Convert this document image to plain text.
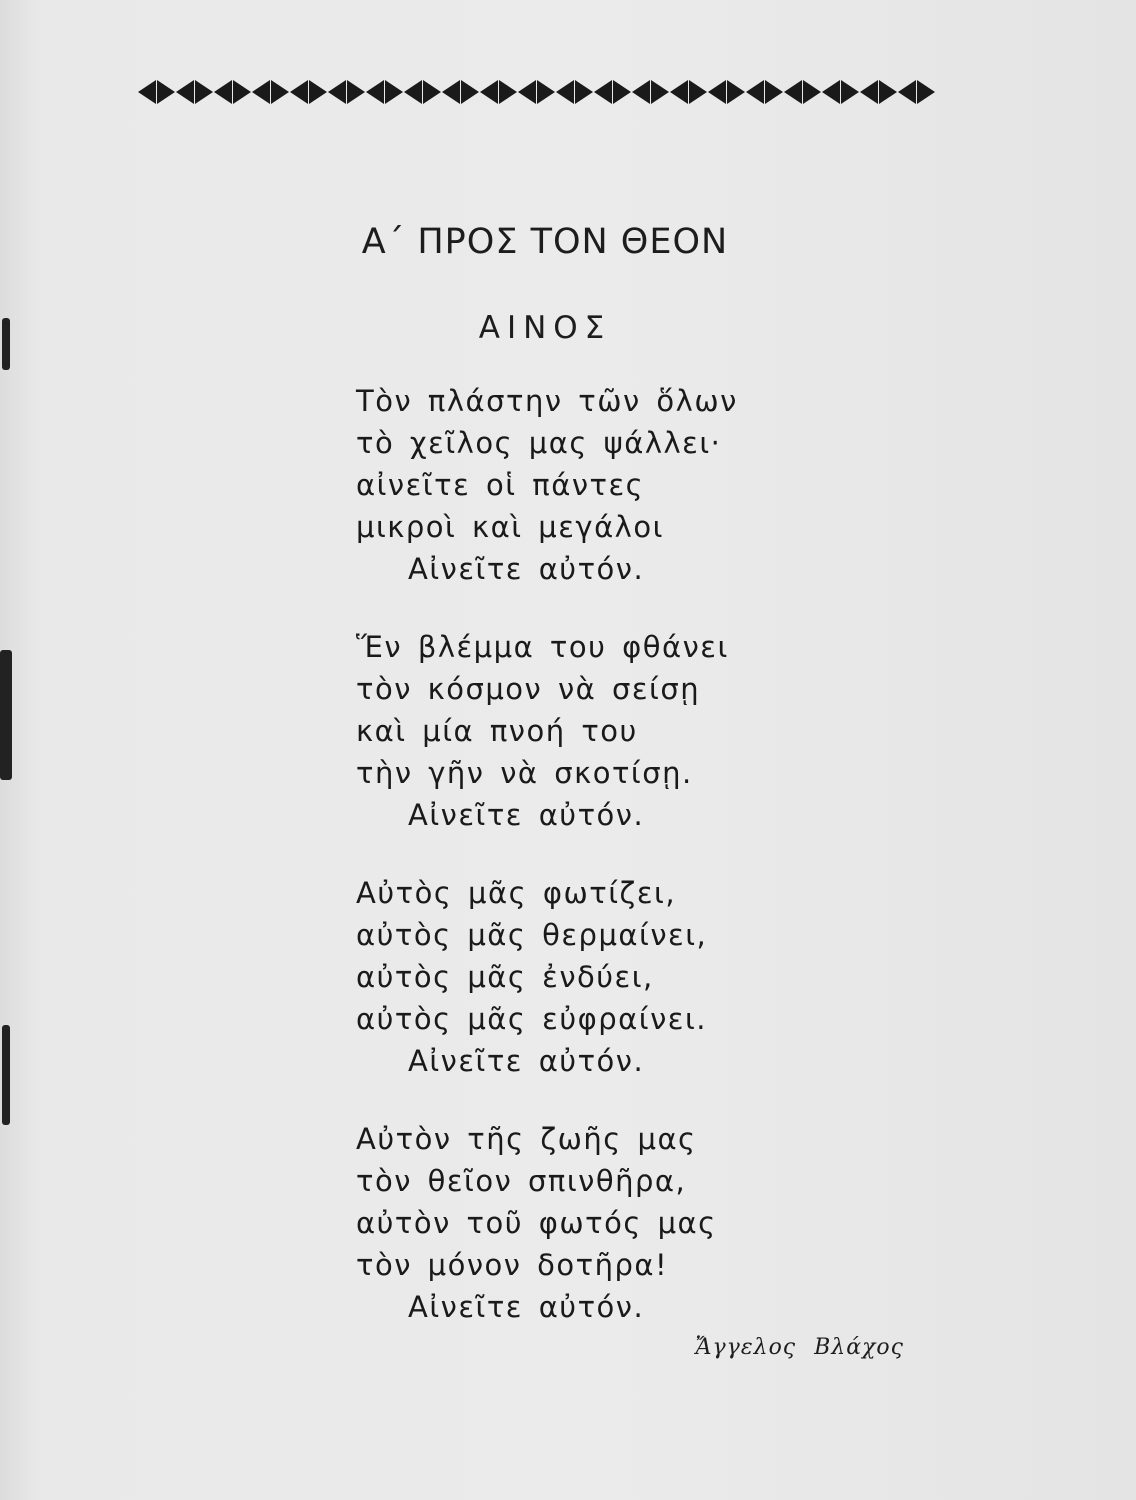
Α΄ ΠΡΟΣ ΤΟΝ ΘΕΟΝ
ΑΙΝΟΣ
Τὸν πλάστην τῶν ὅλων
τὸ χεῖλος μας ψάλλει·
αἰνεῖτε οἱ πάντες
μικροὶ καὶ μεγάλοι
Αἰνεῖτε αὐτόν.
Ἕν βλέμμα του φθάνει
τὸν κόσμον νὰ σείσῃ
καὶ μία πνοή του
τὴν γῆν νὰ σκοτίσῃ.
Αἰνεῖτε αὐτόν.
Αὐτὸς μᾶς φωτίζει,
αὐτὸς μᾶς θερμαίνει,
αὐτὸς μᾶς ἐνδύει,
αὐτὸς μᾶς εὐφραίνει.
Αἰνεῖτε αὐτόν.
Αὐτὸν τῆς ζωῆς μας
τὸν θεῖον σπινθῆρα,
αὐτὸν τοῦ φωτός μας
τὸν μόνον δοτῆρα!
Αἰνεῖτε αὐτόν.
Ἄγγελος Βλάχος
